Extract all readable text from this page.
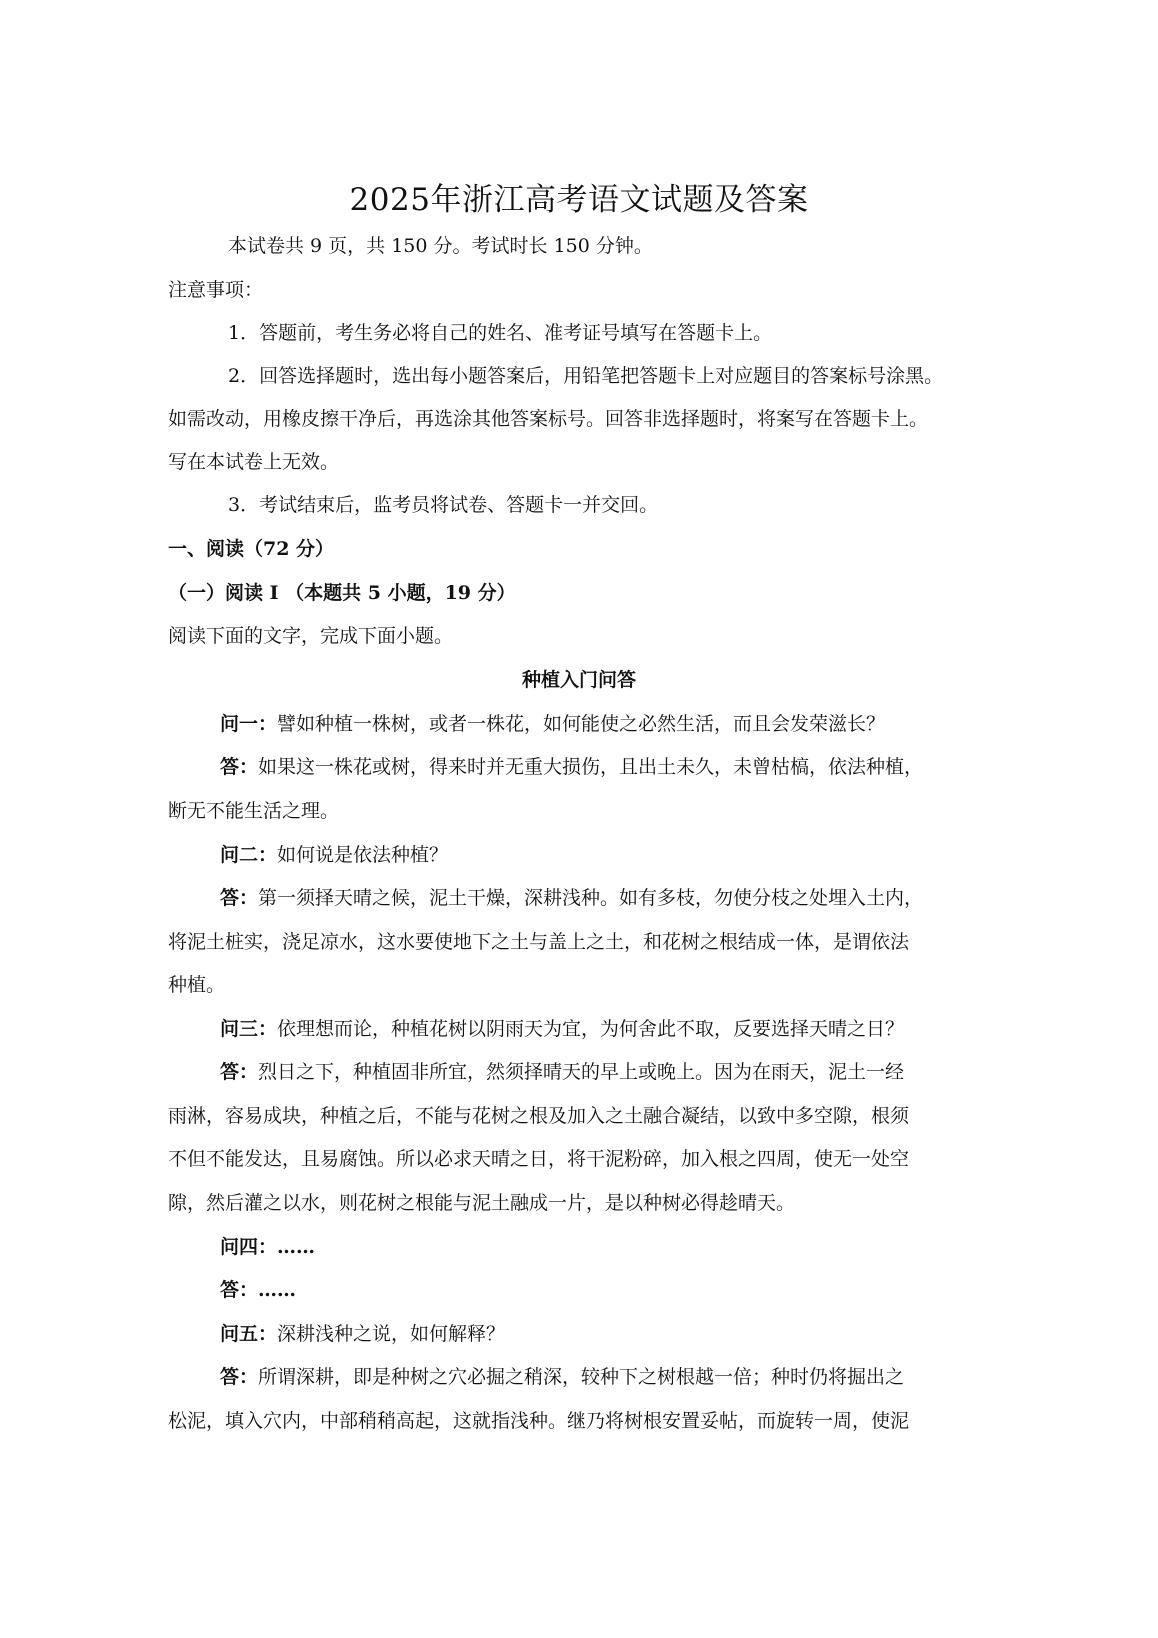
2025年浙江高考语文试题及答案

本试卷共 9 页，共 150 分。考试时长 150 分钟。

注意事项：

1．答题前，考生务必将自己的姓名、准考证号填写在答题卡上。

2．回答选择题时，选出每小题答案后，用铅笔把答题卡上对应题目的答案标号涂黑。

如需改动，用橡皮擦干净后，再选涂其他答案标号。回答非选择题时，将案写在答题卡上。

写在本试卷上无效。

3．考试结束后，监考员将试卷、答题卡一并交回。

一、阅读（72 分）

（一）阅读 I （本题共 5 小题，19 分）

阅读下面的文字，完成下面小题。

种植入门问答

问一：譬如种植一株树，或者一株花，如何能使之必然生活，而且会发荣滋长？

答：如果这一株花或树，得来时并无重大损伤，且出土未久，未曾枯槁，依法种植，

断无不能生活之理。

问二：如何说是依法种植？

答：第一须择天晴之候，泥土干燥，深耕浅种。如有多枝，勿使分枝之处埋入土内，

将泥土桩实，浇足凉水，这水要使地下之土与盖上之土，和花树之根结成一体，是谓依法

种植。

问三：依理想而论，种植花树以阴雨天为宜，为何舍此不取，反要选择天晴之日？

答：烈日之下，种植固非所宜，然须择晴天的早上或晚上。因为在雨天，泥土一经

雨淋，容易成块，种植之后，不能与花树之根及加入之土融合凝结，以致中多空隙，根须

不但不能发达，且易腐蚀。所以必求天晴之日，将干泥粉碎，加入根之四周，使无一处空

隙，然后灌之以水，则花树之根能与泥土融成一片，是以种树必得趁晴天。

问四：……

答：……

问五：深耕浅种之说，如何解释？

答：所谓深耕，即是种树之穴必掘之稍深，较种下之树根越一倍；种时仍将掘出之

松泥，填入穴内，中部稍稍高起，这就指浅种。继乃将树根安置妥帖，而旋转一周，使泥
